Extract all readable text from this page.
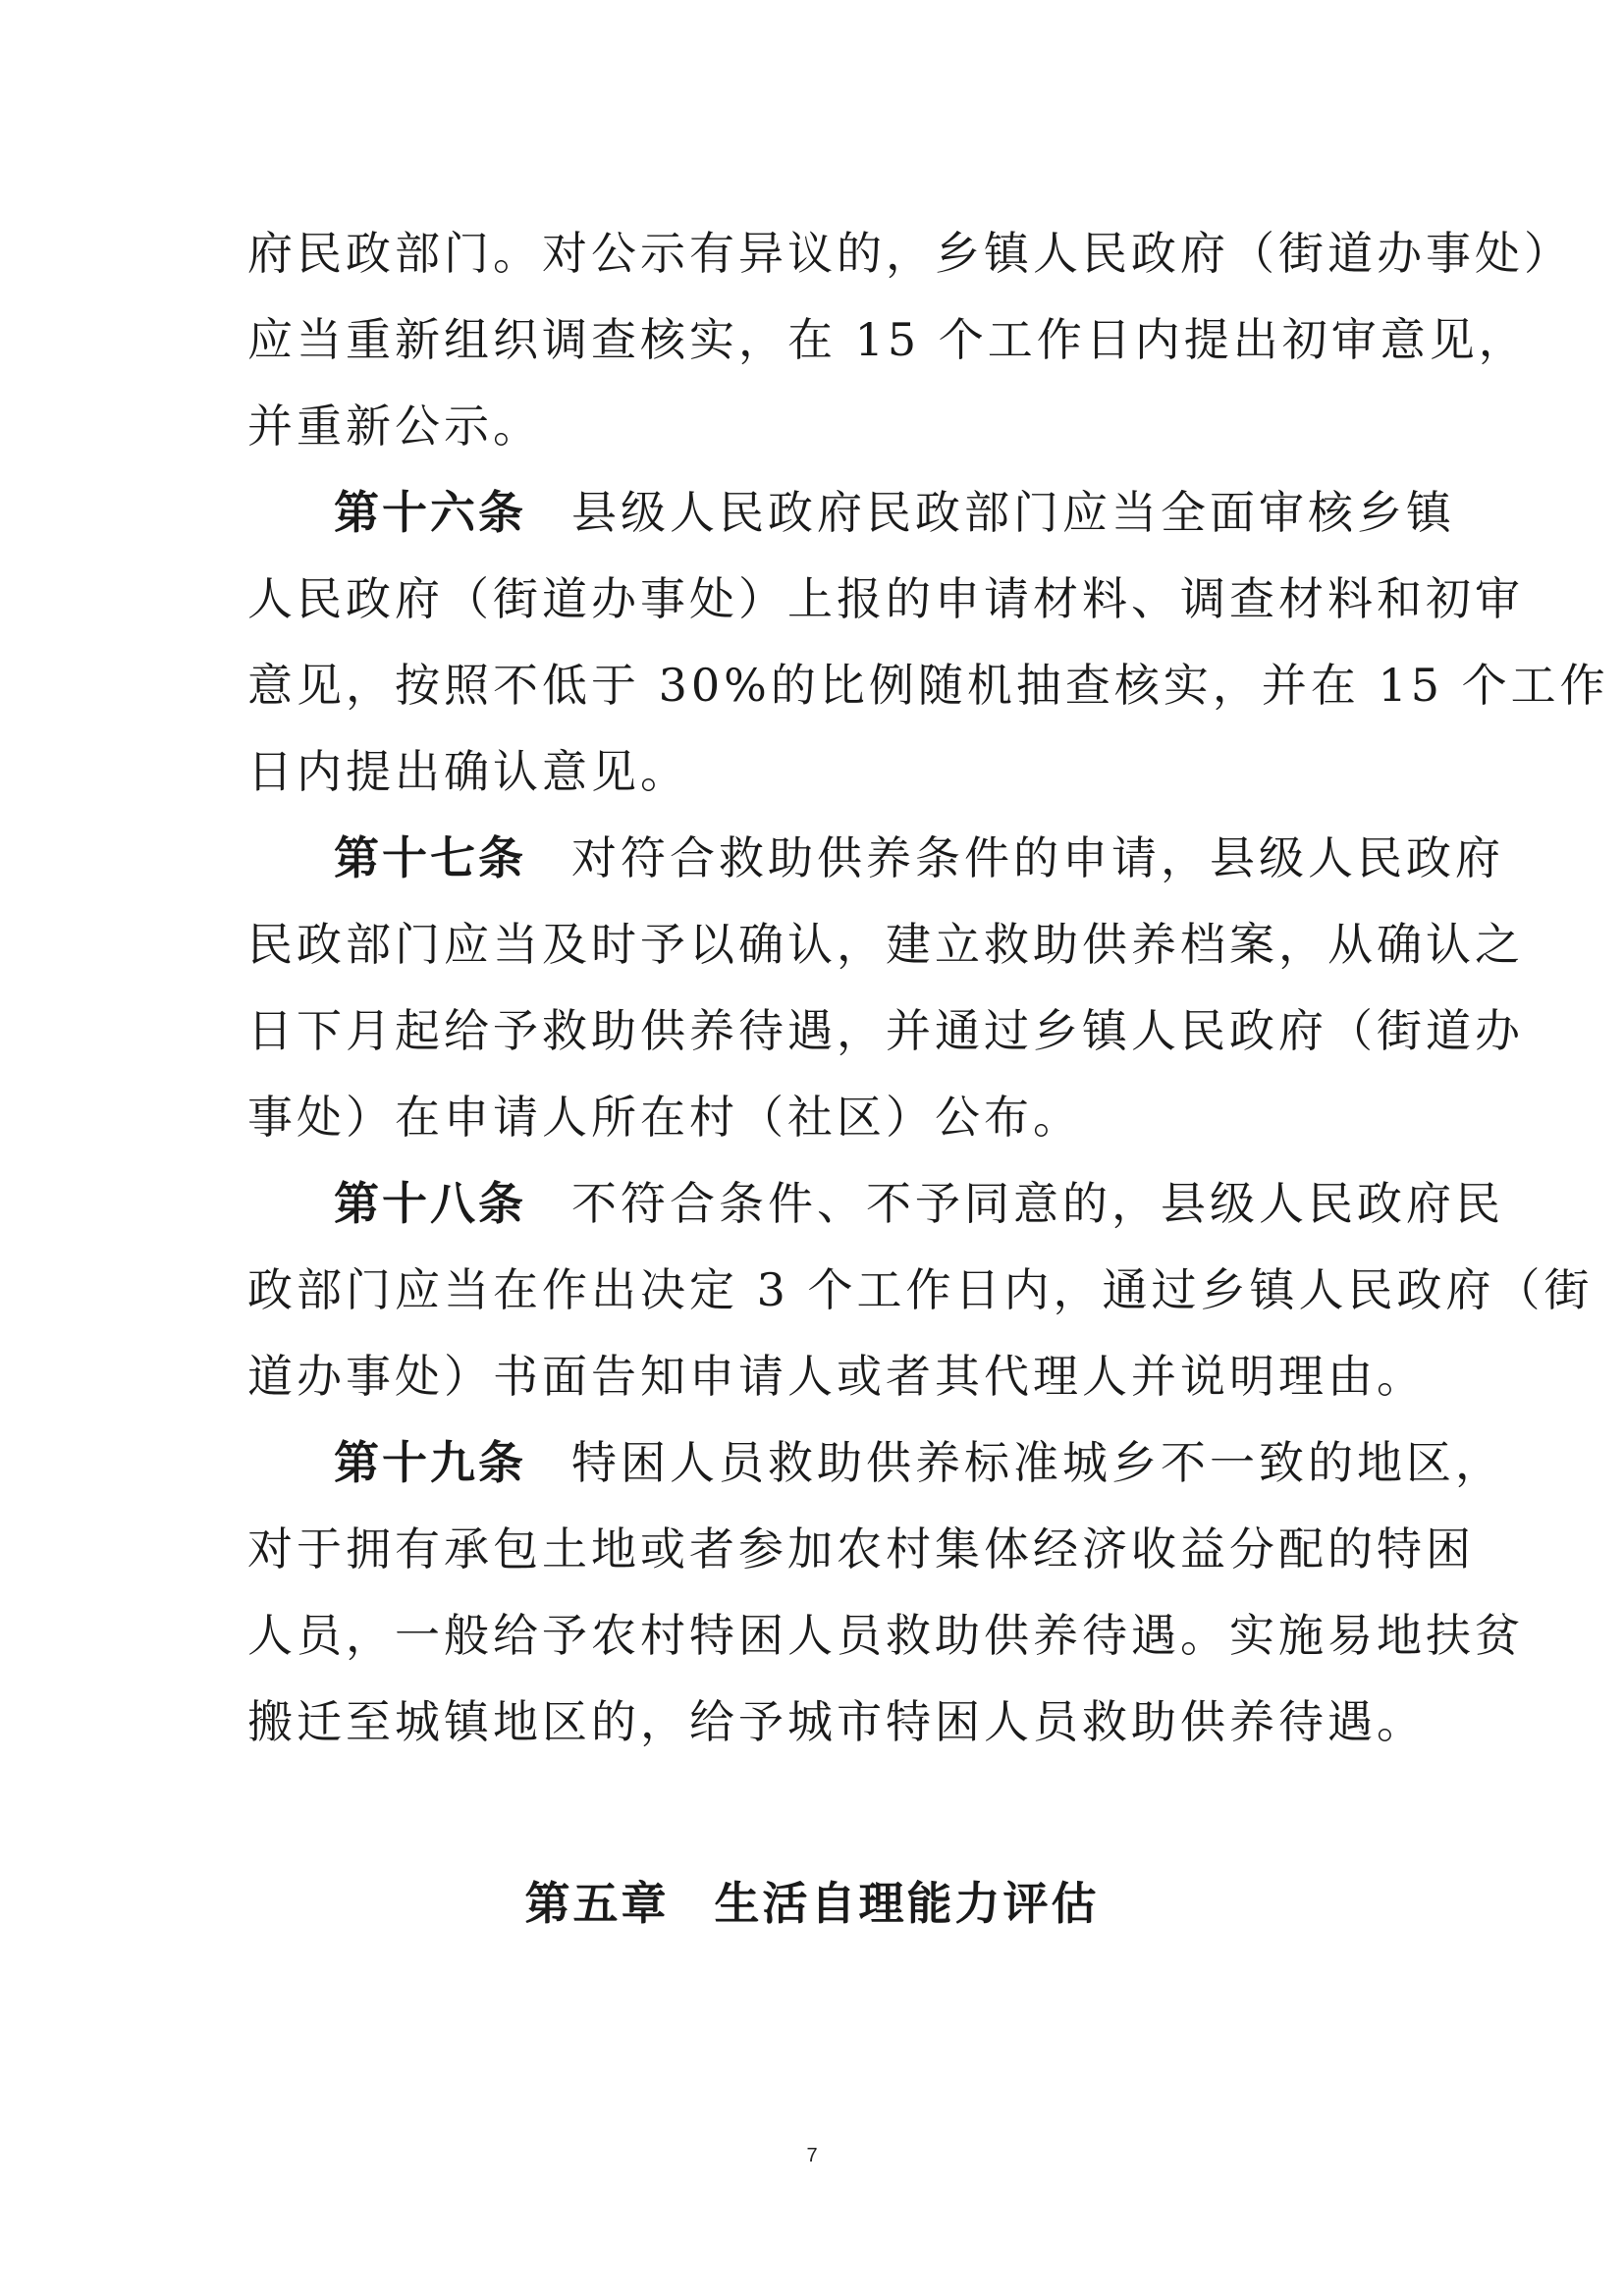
府民政部门。对公示有异议的，乡镇人民政府（街道办事处）
应当重新组织调查核实，在 15 个工作日内提出初审意见，
并重新公示。
第十六条 县级人民政府民政部门应当全面审核乡镇
人民政府（街道办事处）上报的申请材料、调查材料和初审
意见，按照不低于 30%的比例随机抽查核实，并在 15 个工作
日内提出确认意见。
第十七条 对符合救助供养条件的申请，县级人民政府
民政部门应当及时予以确认，建立救助供养档案，从确认之
日下月起给予救助供养待遇，并通过乡镇人民政府（街道办
事处）在申请人所在村（社区）公布。
第十八条 不符合条件、不予同意的，县级人民政府民
政部门应当在作出决定 3 个工作日内，通过乡镇人民政府（街
道办事处）书面告知申请人或者其代理人并说明理由。
第十九条 特困人员救助供养标准城乡不一致的地区，
对于拥有承包土地或者参加农村集体经济收益分配的特困
人员，一般给予农村特困人员救助供养待遇。实施易地扶贫
搬迁至城镇地区的，给予城市特困人员救助供养待遇。
第五章 生活自理能力评估
7
